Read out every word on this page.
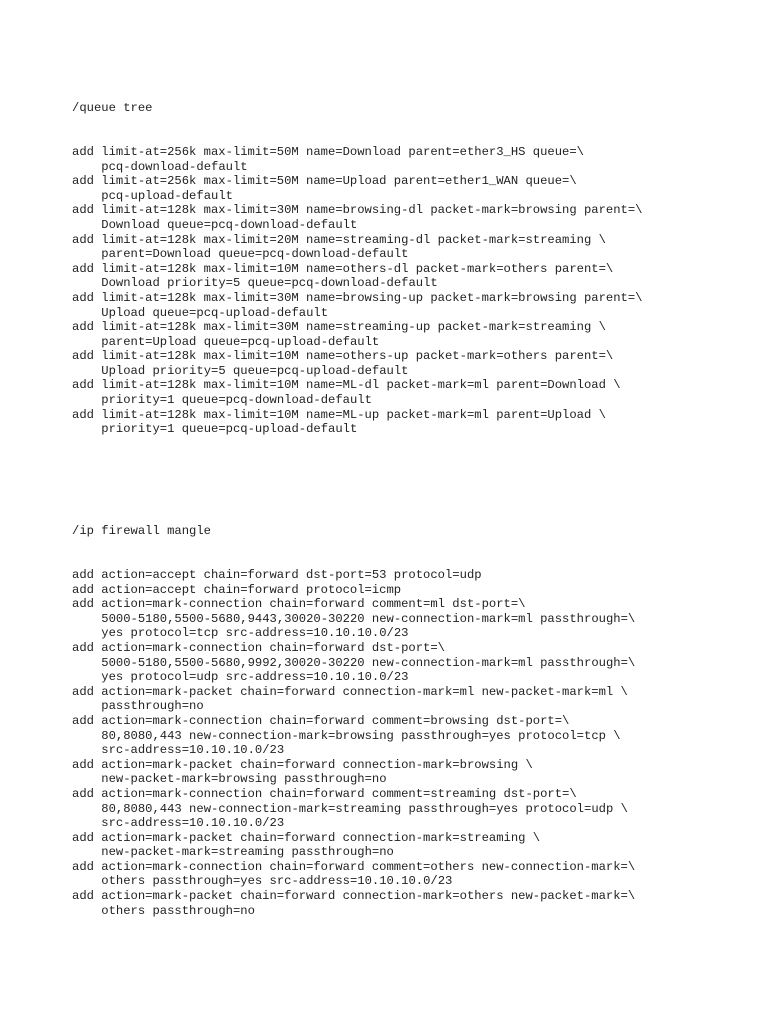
/queue tree

add limit-at=256k max-limit=50M name=Download parent=ether3_HS queue=\
pcq-download-default
add limit-at=256k max-limit=50M name=Upload parent=ether1_WAN queue=\
pcq-upload-default
add limit-at=128k max-limit=30M name=browsing-dl packet-mark=browsing parent=\
Download queue=pcq-download-default
add limit-at=128k max-limit=20M name=streaming-dl packet-mark=streaming \
parent=Download queue=pcq-download-default
add limit-at=128k max-limit=10M name=others-dl packet-mark=others parent=\
Download priority=5 queue=pcq-download-default
add limit-at=128k max-limit=30M name=browsing-up packet-mark=browsing parent=\
Upload queue=pcq-upload-default
add limit-at=128k max-limit=30M name=streaming-up packet-mark=streaming \
parent=Upload queue=pcq-upload-default
add limit-at=128k max-limit=10M name=others-up packet-mark=others parent=\
Upload priority=5 queue=pcq-upload-default
add limit-at=128k max-limit=10M name=ML-dl packet-mark=ml parent=Download \
priority=1 queue=pcq-download-default
add limit-at=128k max-limit=10M name=ML-up packet-mark=ml parent=Upload \
priority=1 queue=pcq-upload-default

/ip firewall mangle

add action=accept chain=forward dst-port=53 protocol=udp
add action=accept chain=forward protocol=icmp
add action=mark-connection chain=forward comment=ml dst-port=\
5000-5180,5500-5680,9443,30020-30220 new-connection-mark=ml passthrough=\
yes protocol=tcp src-address=10.10.10.0/23
add action=mark-connection chain=forward dst-port=\
5000-5180,5500-5680,9992,30020-30220 new-connection-mark=ml passthrough=\
yes protocol=udp src-address=10.10.10.0/23
add action=mark-packet chain=forward connection-mark=ml new-packet-mark=ml \
passthrough=no
add action=mark-connection chain=forward comment=browsing dst-port=\
80,8080,443 new-connection-mark=browsing passthrough=yes protocol=tcp \
src-address=10.10.10.0/23
add action=mark-packet chain=forward connection-mark=browsing \
new-packet-mark=browsing passthrough=no
add action=mark-connection chain=forward comment=streaming dst-port=\
80,8080,443 new-connection-mark=streaming passthrough=yes protocol=udp \
src-address=10.10.10.0/23
add action=mark-packet chain=forward connection-mark=streaming \
new-packet-mark=streaming passthrough=no
add action=mark-connection chain=forward comment=others new-connection-mark=\
others passthrough=yes src-address=10.10.10.0/23
add action=mark-packet chain=forward connection-mark=others new-packet-mark=\
others passthrough=no
